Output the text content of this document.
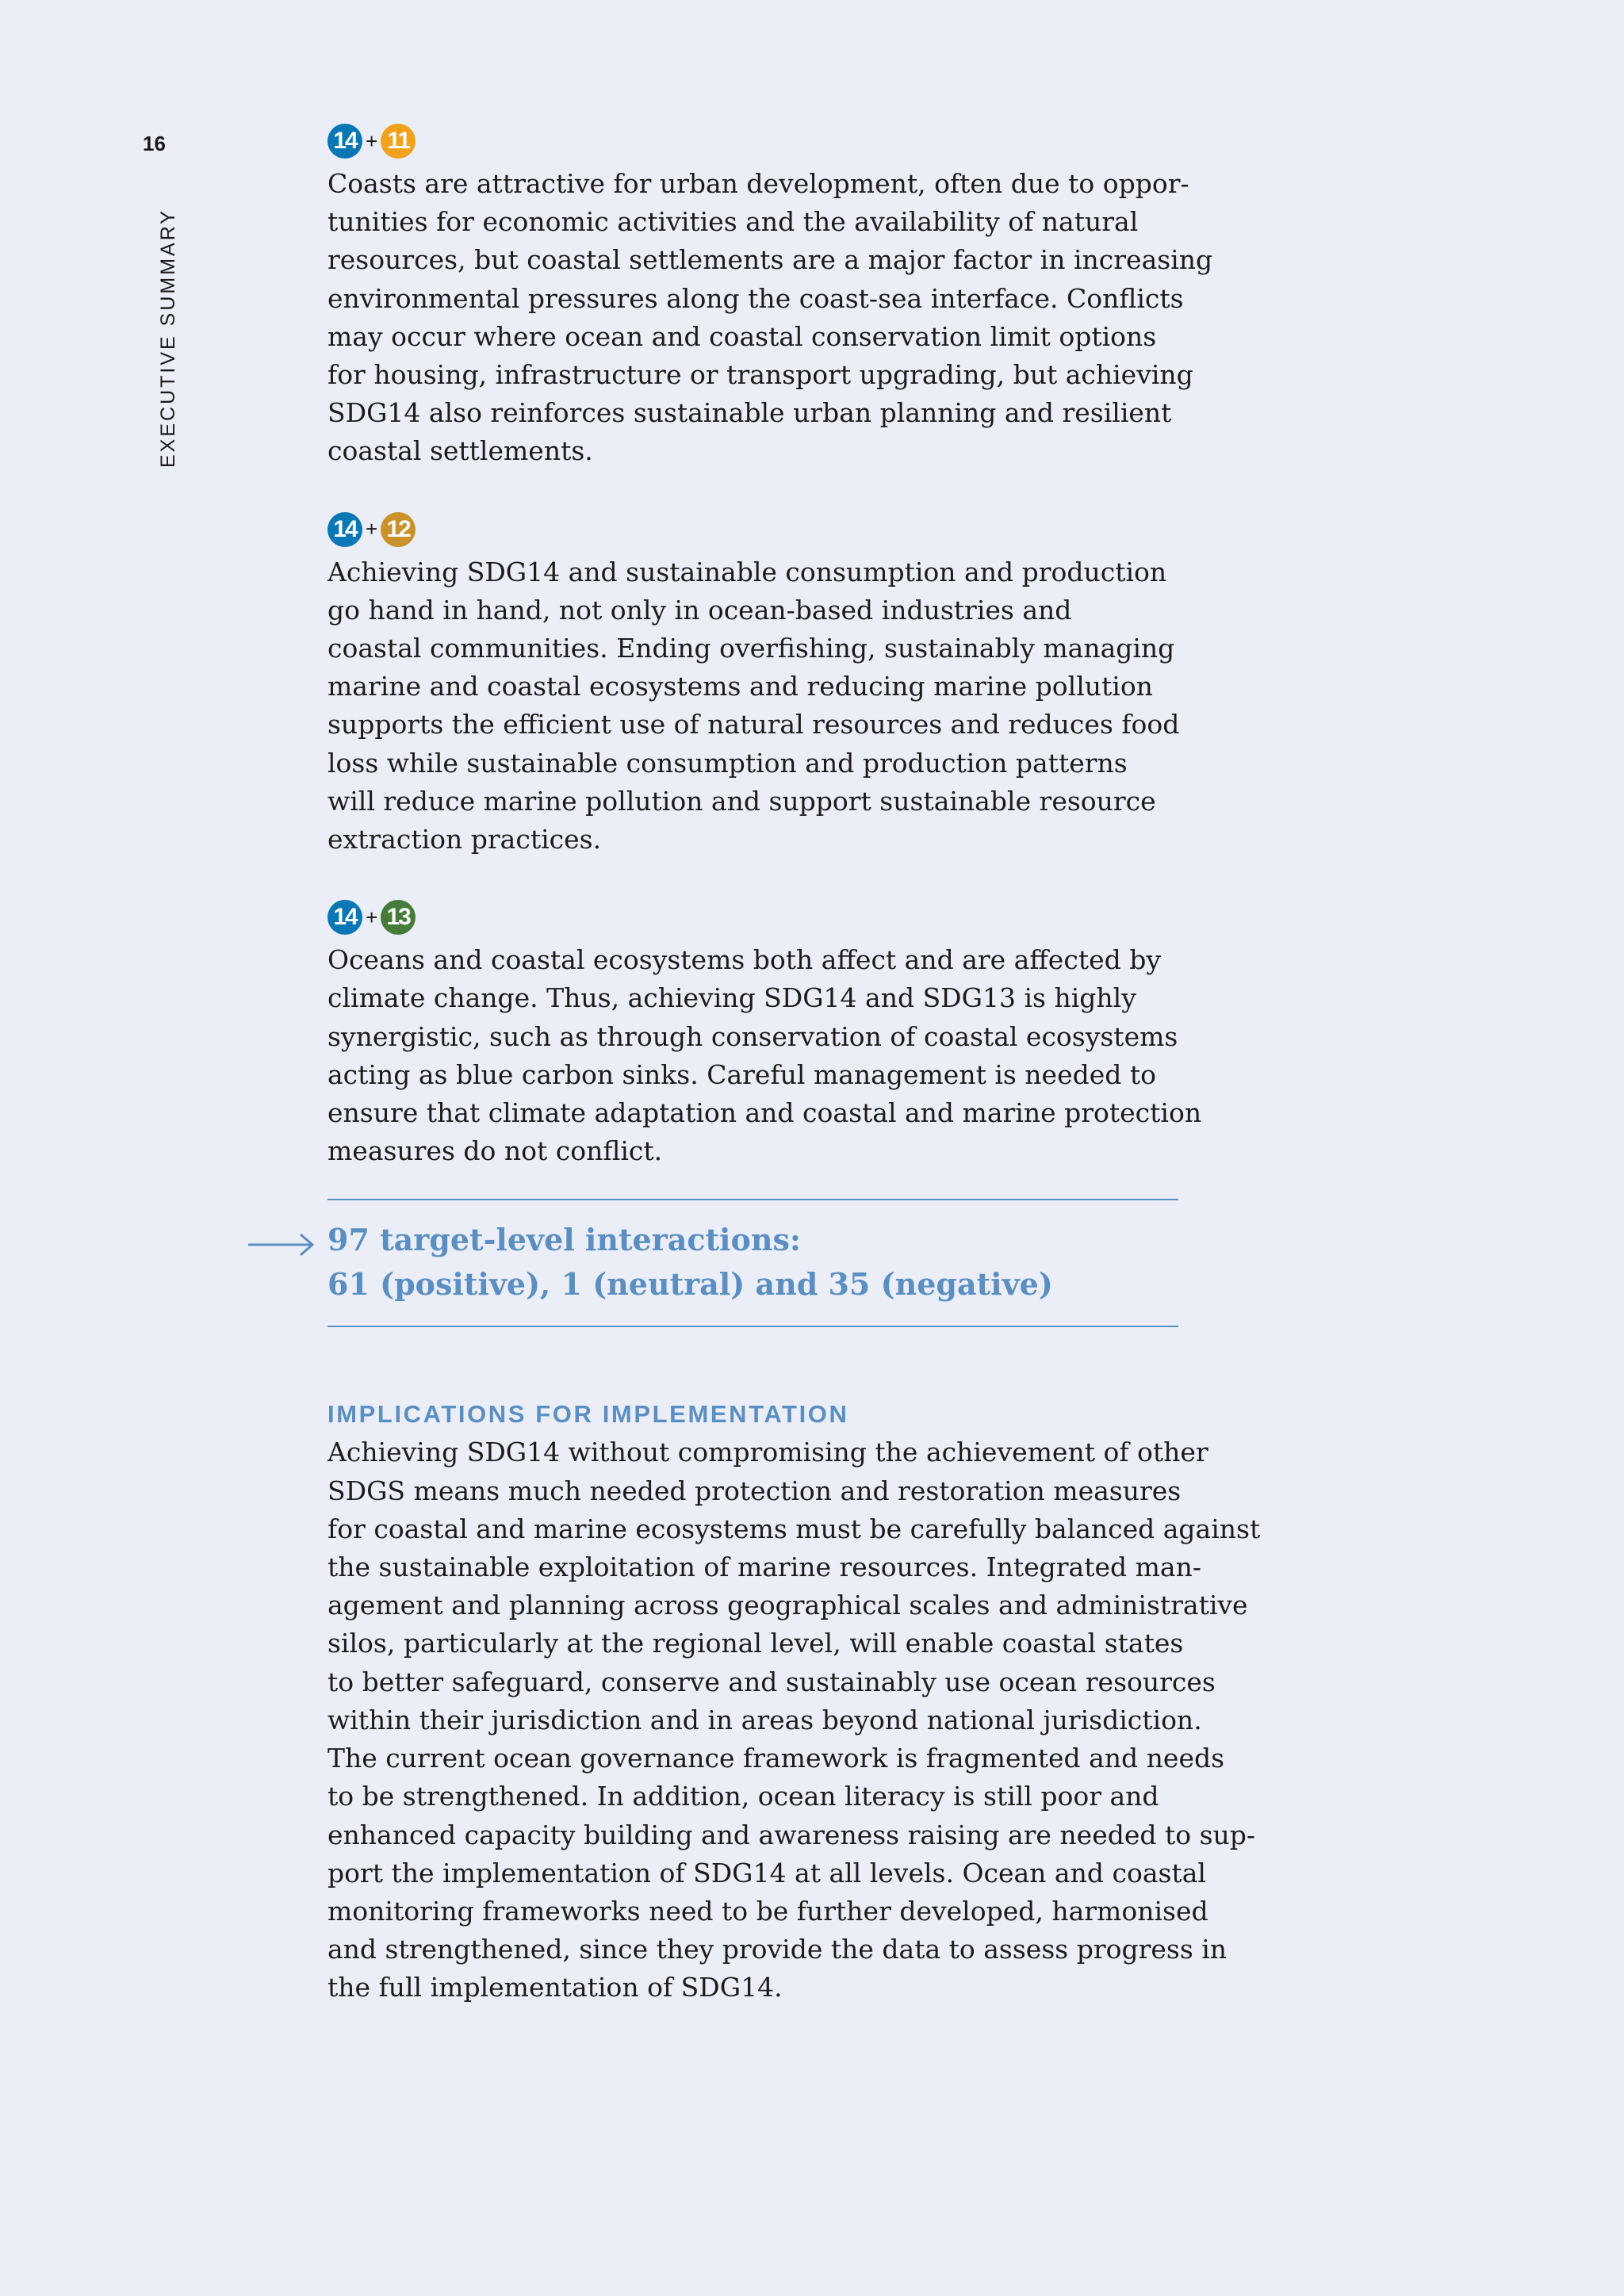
16
EXECUTIVE SUMMARY
14 + 11

Coasts are attractive for urban development, often due to oppor-
tunities for economic activities and the availability of natural
resources, but coastal settlements are a major factor in increasing
environmental pressures along the coast-sea interface. Conflicts
may occur where ocean and coastal conservation limit options
for housing, infrastructure or transport upgrading, but achieving
SDG14 also reinforces sustainable urban planning and resilient
coastal settlements.

14 + 12

Achieving SDG14 and sustainable consumption and production
go hand in hand, not only in ocean-based industries and
coastal communities. Ending overfishing, sustainably managing
marine and coastal ecosystems and reducing marine pollution
supports the efficient use of natural resources and reduces food
loss while sustainable consumption and production patterns
will reduce marine pollution and support sustainable resource
extraction practices.

14 + 13

Oceans and coastal ecosystems both affect and are affected by
climate change. Thus, achieving SDG14 and SDG13 is highly
synergistic, such as through conservation of coastal ecosystems
acting as blue carbon sinks. Careful management is needed to
ensure that climate adaptation and coastal and marine protection
measures do not conflict.

97 target-level interactions:
61 (positive), 1 (neutral) and 35 (negative)
IMPLICATIONS FOR IMPLEMENTATION

Achieving SDG14 without compromising the achievement of other
SDGS means much needed protection and restoration measures
for coastal and marine ecosystems must be carefully balanced against
the sustainable exploitation of marine resources. Integrated man-
agement and planning across geographical scales and administrative
silos, particularly at the regional level, will enable coastal states
to better safeguard, conserve and sustainably use ocean resources
within their jurisdiction and in areas beyond national jurisdiction.
The current ocean governance framework is fragmented and needs
to be strengthened. In addition, ocean literacy is still poor and
enhanced capacity building and awareness raising are needed to sup-
port the implementation of SDG14 at all levels. Ocean and coastal
monitoring frameworks need to be further developed, harmonised
and strengthened, since they provide the data to assess progress in
the full implementation of SDG14.
